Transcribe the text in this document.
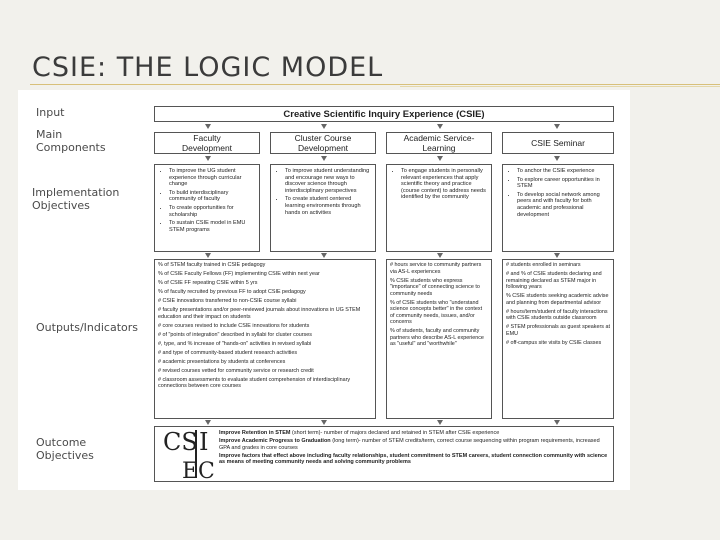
CSIE: THE LOGIC MODEL
Input
Main Components
Implementation Objectives
Outputs/Indicators
Outcome Objectives
Creative Scientific Inquiry Experience (CSIE)
Faculty Development
Cluster Course Development
Academic Service-Learning	CSIE Seminar
• To improve the UG student experience through curricular change
• To build interdisciplinary community of faculty
• To create opportunities for scholarship
• To sustain CSIE model in EMU STEM programs
• To improve student understanding and encourage new ways to discover science through interdisciplinary perspectives
• To create student centered learning environments through hands on activities
• To engage students in personally relevant experiences that apply scientific theory and practice (course content) to address needs identified by the community
• To anchor the CSIE experience
• To explore career opportunities in STEM
• To develop social network among peers and with faculty for both academic and professional development
% of STEM faculty trained in CSIE pedagogy
% of CSIE Faculty Fellows (FF) implementing CSIE within next year
% of CSIE FF repeating CSIE within 5 yrs
% of faculty recruited by previous FF to adopt CSIE pedagogy
# CSIE innovations transferred to non-CSIE course syllabi
# faculty presentations and/or peer-reviewed journals about innovations in UG STEM education and their impact on students
# core courses revised to include CSIE innovations for students
# of "points of integration" described in syllabi for cluster courses
#, type, and % increase of "hands-on" activities in revised syllabi
# and type of community-based student research activities
# academic presentations by students at conferences
# revised courses vetted for community service or research credit
# classroom assessments to evaluate student comprehension of interdisciplinary connections between core courses
# hours service to community partners via AS-L experiences
% CSIE students who express "importance" of connecting science to community needs
% of CSIE students who "understand science concepts better" in the context of community needs, issues, and/or concerns
% of students, faculty and community partners who describe AS-L experience as "useful" and "worthwhile"
# students enrolled in seminars
# and % of CSIE students declaring and remaining declared as STEM major in following years
% CSIE students seeking academic advise and planning from departmental advisor
# hours/term/student of faculty interactions with CSIE students outside classroom
# STEM professionals as guest speakers at EMU
# off-campus site visits by CSIE classes
Improve Retention in STEM (short term)- number of majors declared and retained in STEM after CSIE experience
Improve Academic Progress to Graduation (long term)- number of STEM credits/term, correct course sequencing within program requirements, increased GPA and grades in core courses
Improve factors that effect above including faculty relationships, student commitment to STEM careers, student connection community with science as means of meeting community needs and solving community problems
CS I
E C
